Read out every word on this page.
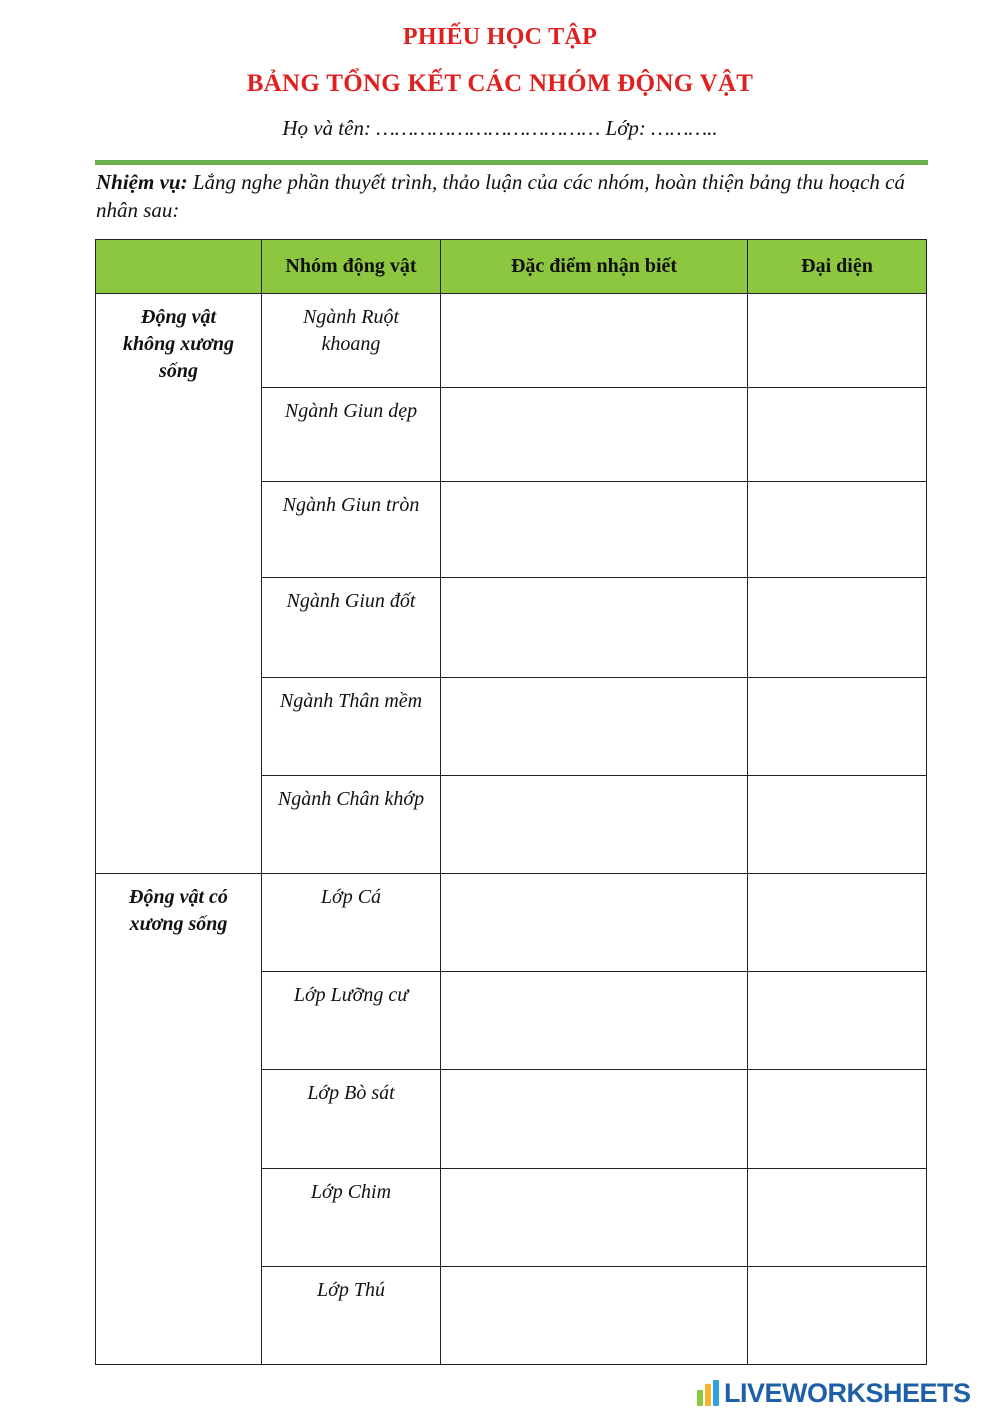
PHIẾU HỌC TẬP
BẢNG TỔNG KẾT CÁC NHÓM ĐỘNG VẬT
Họ và tên: ……………………………… Lớp: ………..
Nhiệm vụ: Lắng nghe phần thuyết trình, thảo luận của các nhóm, hoàn thiện bảng thu hoạch cá nhân sau:
	Nhóm động vật	Đặc điểm nhận biết	Đại diện
Động vật không xương sống	Ngành Ruột khoang		
	Ngành Giun dẹp		
	Ngành Giun tròn		
	Ngành Giun đốt		
	Ngành Thân mềm		
	Ngành Chân khớp		
Động vật có xương sống	Lớp Cá		
	Lớp Lưỡng cư		
	Lớp Bò sát		
	Lớp Chim		
	Lớp Thú		
LIVEWORKSHEETS
